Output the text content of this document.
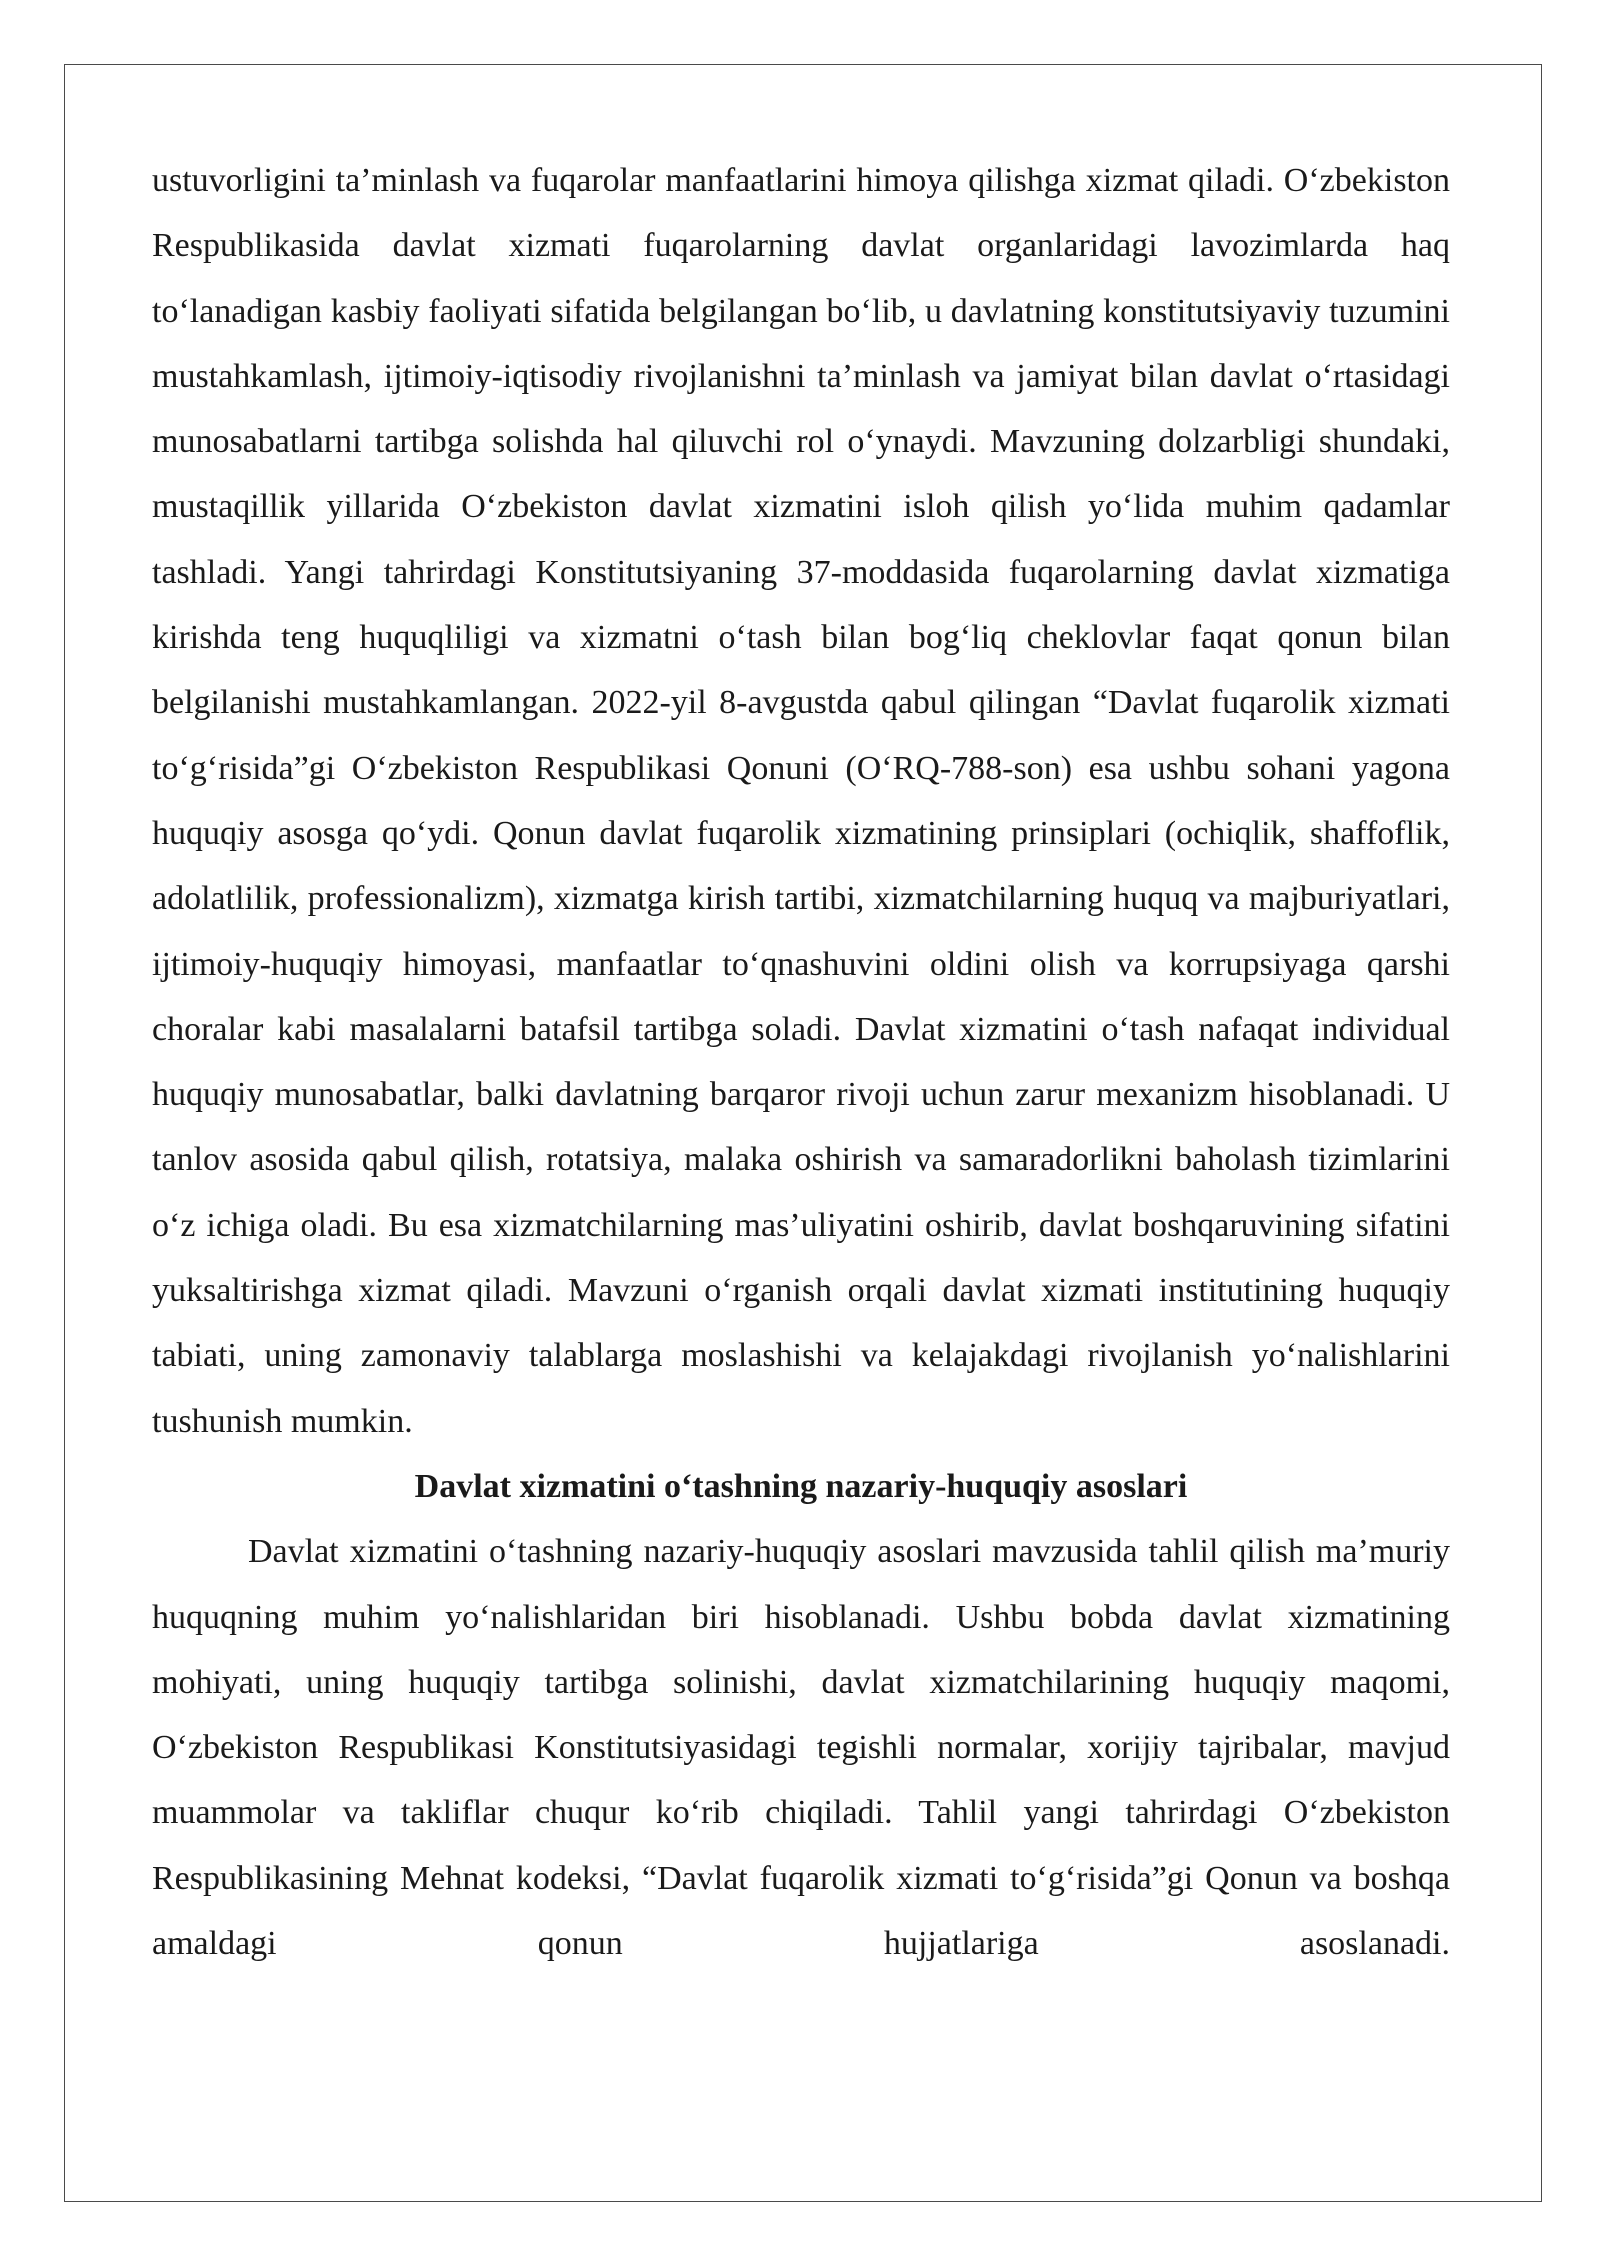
ustuvorligini ta’minlash va fuqarolar manfaatlarini himoya qilishga xizmat qiladi. O‘zbekiston Respublikasida davlat xizmati fuqarolarning davlat organlaridagi lavozimlarda haq to‘lanadigan kasbiy faoliyati sifatida belgilangan bo‘lib, u davlatning konstitutsiyaviy tuzumini mustahkamlash, ijtimoiy-iqtisodiy rivojlanishni ta’minlash va jamiyat bilan davlat o‘rtasidagi munosabatlarni tartibga solishda hal qiluvchi rol o‘ynaydi. Mavzuning dolzarbligi shundaki, mustaqillik yillarida O‘zbekiston davlat xizmatini isloh qilish yo‘lida muhim qadamlar tashladi. Yangi tahrirdagi Konstitutsiyaning 37-moddasida fuqarolarning davlat xizmatiga kirishda teng huquqliligi va xizmatni o‘tash bilan bog‘liq cheklovlar faqat qonun bilan belgilanishi mustahkamlangan. 2022-yil 8-avgustda qabul qilingan “Davlat fuqarolik xizmati to‘g‘risida”gi O‘zbekiston Respublikasi Qonuni (O‘RQ-788-son) esa ushbu sohani yagona huquqiy asosga qo‘ydi. Qonun davlat fuqarolik xizmatining prinsiplari (ochiqlik, shaffoflik, adolatlilik, professionalizm), xizmatga kirish tartibi, xizmatchilarning huquq va majburiyatlari, ijtimoiy-huquqiy himoyasi, manfaatlar to‘qnashuvini oldini olish va korrupsiyaga qarshi choralar kabi masalalarni batafsil tartibga soladi. Davlat xizmatini o‘tash nafaqat individual huquqiy munosabatlar, balki davlatning barqaror rivoji uchun zarur mexanizm hisoblanadi. U tanlov asosida qabul qilish, rotatsiya, malaka oshirish va samaradorlikni baholash tizimlarini o‘z ichiga oladi. Bu esa xizmatchilarning mas’uliyatini oshirib, davlat boshqaruvining sifatini yuksaltirishga xizmat qiladi. Mavzuni o‘rganish orqali davlat xizmati institutining huquqiy tabiati, uning zamonaviy talablarga moslashishi va kelajakdagi rivojlanish yo‘nalishlarini tushunish mumkin.

Davlat xizmatini o‘tashning nazariy-huquqiy asoslari

Davlat xizmatini o‘tashning nazariy-huquqiy asoslari mavzusida tahlil qilish ma’muriy huquqning muhim yo‘nalishlaridan biri hisoblanadi. Ushbu bobda davlat xizmatining mohiyati, uning huquqiy tartibga solinishi, davlat xizmatchilarining huquqiy maqomi, O‘zbekiston Respublikasi Konstitutsiyasidagi tegishli normalar, xorijiy tajribalar, mavjud muammolar va takliflar chuqur ko‘rib chiqiladi. Tahlil yangi tahrirdagi O‘zbekiston Respublikasining Mehnat kodeksi, “Davlat fuqarolik xizmati to‘g‘risida”gi Qonun va boshqa amaldagi qonun hujjatlariga asoslanadi.
